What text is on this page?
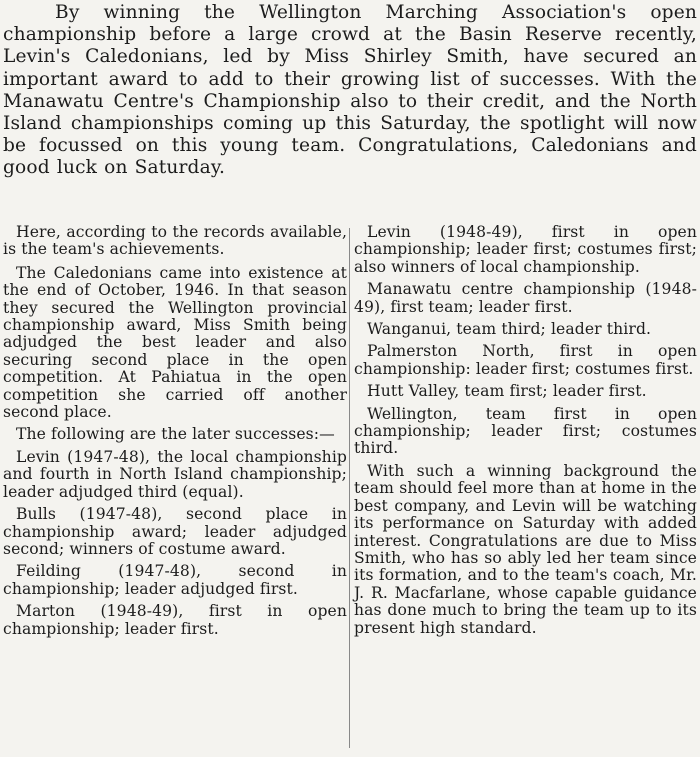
By winning the Wellington Marching Association's open championship before a large crowd at the Basin Reserve recently, Levin's Caledonians, led by Miss Shirley Smith, have secured an important award to add to their growing list of successes. With the Manawatu Centre's Championship also to their credit, and the North Island championships coming up this Saturday, the spotlight will now be focussed on this young team. Congratulations, Caledonians and good luck on Saturday.

Here, according to the records available, is the team's achievements.

The Caledonians came into existence at the end of October, 1946. In that season they secured the Wellington provincial championship award, Miss Smith being adjudged the best leader and also securing second place in the open competition. At Pahiatua in the open competition she carried off another second place.

The following are the later successes:—

Levin (1947-48), the local championship and fourth in North Island championship; leader adjudged third (equal).

Bulls (1947-48), second place in championship award; leader adjudged second; winners of costume award.

Feilding (1947-48), second in championship; leader adjudged first.

Marton (1948-49), first in open championship; leader first.

Levin (1948-49), first in open championship; leader first; costumes first; also winners of local championship.

Manawatu centre championship (1948-49), first team; leader first.

Wanganui, team third; leader third.

Palmerston North, first in open championship: leader first; costumes first.

Hutt Valley, team first; leader first.

Wellington, team first in open championship; leader first; costumes third.

With such a winning background the team should feel more than at home in the best company, and Levin will be watching its performance on Saturday with added interest. Congratulations are due to Miss Smith, who has so ably led her team since its formation, and to the team's coach, Mr. J. R. Macfarlane, whose capable guidance has done much to bring the team up to its present high standard.
